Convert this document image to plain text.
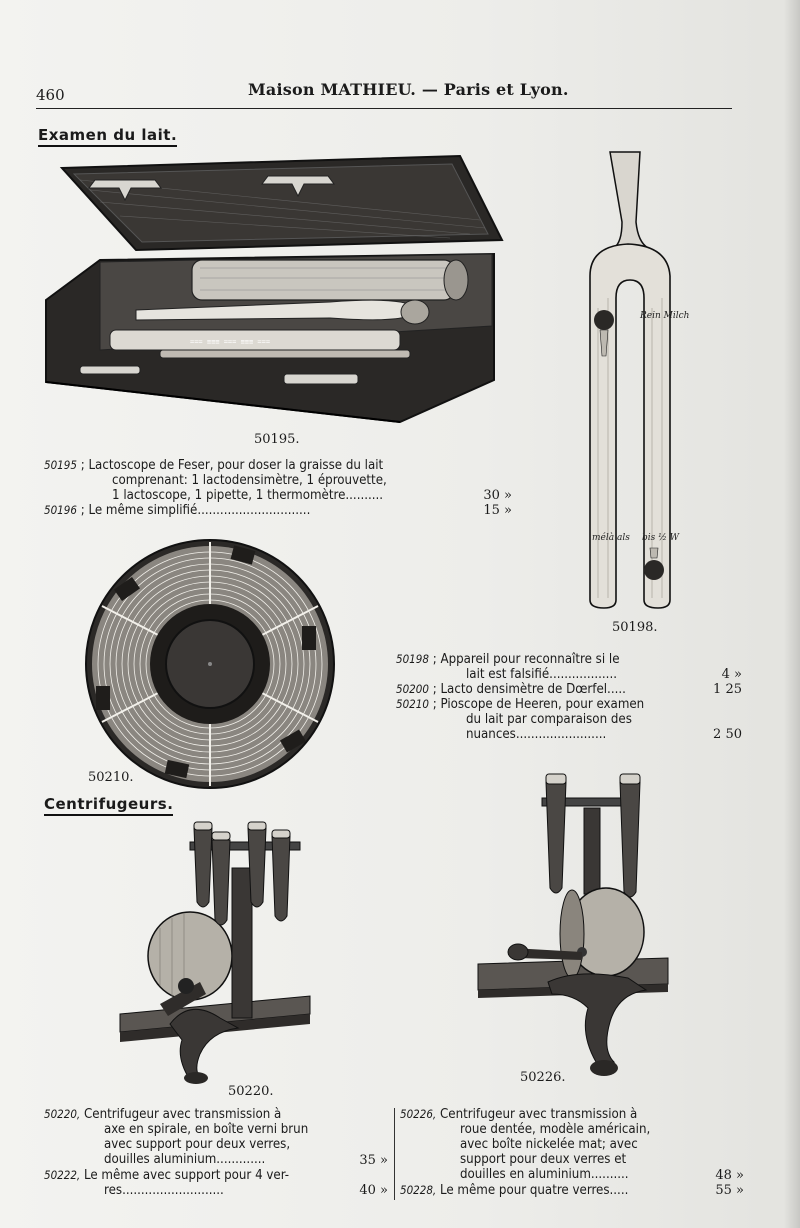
460	Maison MATHIEU. — Paris et Lyon.
Examen du lait.
=== ≡≡≡ === ≡≡≡ ===
50195.
50195 ; Lactoscope de Feser, pour doser la graisse du lait
comprenant: 1 lactodensimètre, 1 éprouvette,
1 lactoscope, 1 pipette, 1 thermomètre..........	30 »
50196 ; Le même simplifié..............................	15 »
Rein Milch
mélà als bis ½ W
50198.
50210.
50198 ; Appareil pour reconnaître si le
lait est falsifié..................	4 »
50200 ; Lacto densimètre de Dœrfel.....	1 25
50210 ; Pioscope de Heeren, pour examen
du lait par comparaison des
nuances........................	2 50
Centrifugeurs.
50220.
50226.
50220, Centrifugeur avec transmission à
axe en spirale, en boîte verni brun
avec support pour deux verres,
douilles aluminium.............	35 »
50222, Le même avec support pour 4 ver-
res...........................	40 »
50226, Centrifugeur avec transmission à
roue dentée, modèle américain,
avec boîte nickelée mat; avec
support pour deux verres et
douilles en aluminium..........	48 »
50228, Le même pour quatre verres.....	55 »
